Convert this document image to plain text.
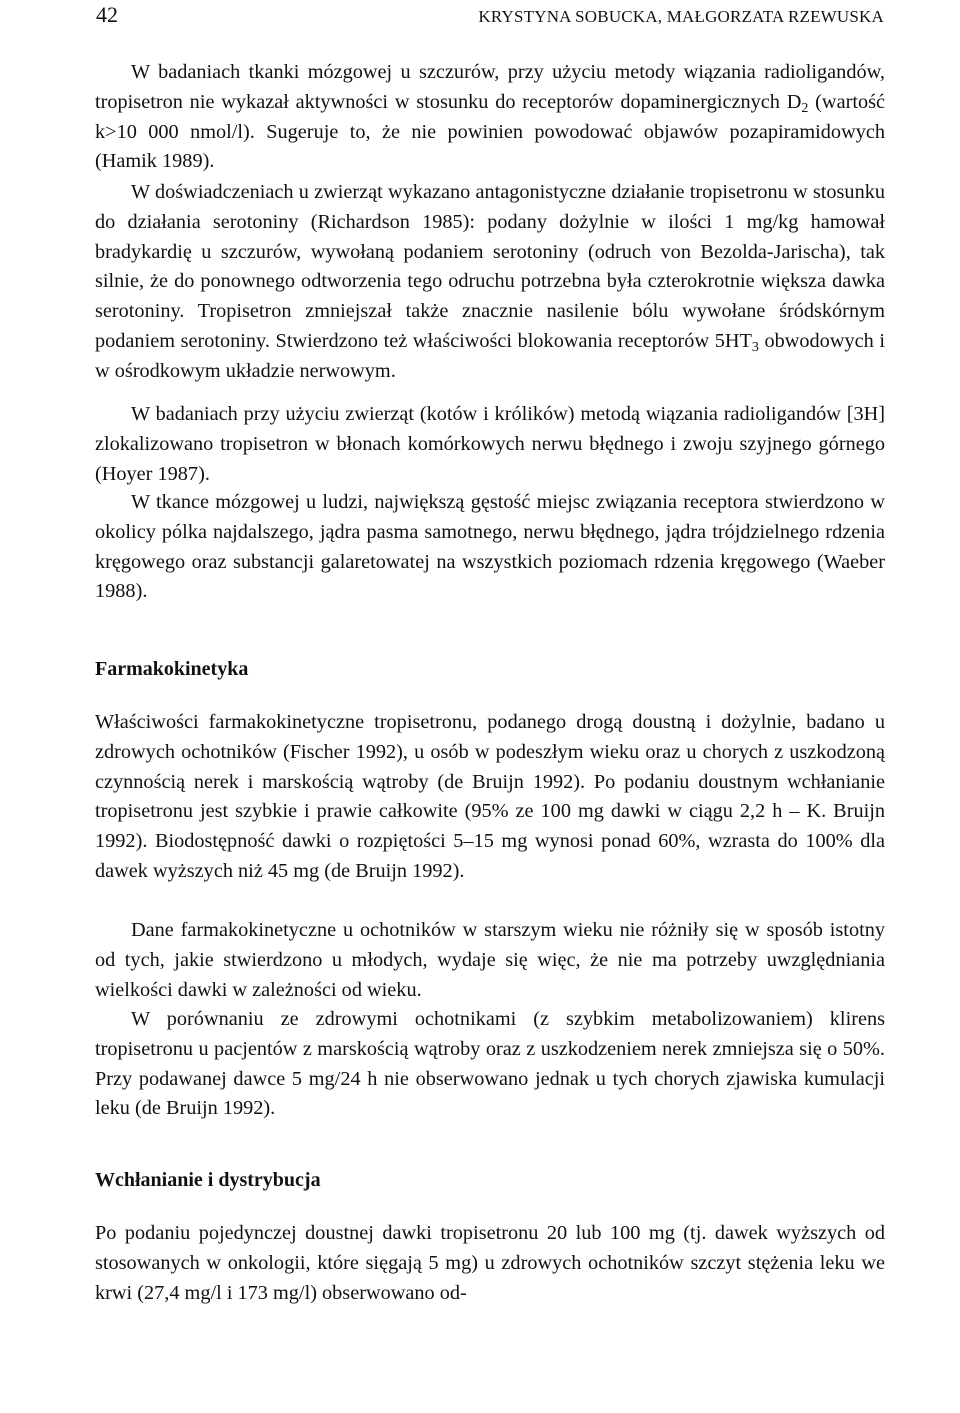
42	KRYSTYNA SOBUCKA, MAŁGORZATA RZEWUSKA

W badaniach tkanki mózgowej u szczurów, przy użyciu metody wiązania radioligandów, tropisetron nie wykazał aktywności w stosunku do receptorów dopaminergicznych $D_2$ (wartość k>10 000 nmol/l). Sugeruje to, że nie powinien powodować objawów pozapiramidowych (Hamik 1989).

W doświadczeniach u zwierząt wykazano antagonistyczne działanie tropisetronu w stosunku do działania serotoniny (Richardson 1985): podany dożylnie w ilości 1 mg/kg hamował bradykardię u szczurów, wywołaną podaniem serotoniny (odruch von Bezolda-Jarischa), tak silnie, że do ponownego odtworzenia tego odruchu potrzebna była czterokrotnie większa dawka serotoniny. Tropisetron zmniejszał także znacznie nasilenie bólu wywołane śródskórnym podaniem serotoniny. Stwierdzono też właściwości blokowania receptorów $5HT_3$ obwodowych i w ośrodkowym układzie nerwowym.

W badaniach przy użyciu zwierząt (kotów i królików) metodą wiązania radioligandów [3H] zlokalizowano tropisetron w błonach komórkowych nerwu błędnego i zwoju szyjnego górnego (Hoyer 1987).

W tkance mózgowej u ludzi, największą gęstość miejsc związania receptora stwierdzono w okolicy pólka najdalszego, jądra pasma samotnego, nerwu błędnego, jądra trójdzielnego rdzenia kręgowego oraz substancji galaretowatej na wszystkich poziomach rdzenia kręgowego (Waeber 1988).

Farmakokinetyka

Właściwości farmakokinetyczne tropisetronu, podanego drogą doustną i dożylnie, badano u zdrowych ochotników (Fischer 1992), u osób w podeszłym wieku oraz u chorych z uszkodzoną czynnością nerek i marskością wątroby (de Bruijn 1992). Po podaniu doustnym wchłanianie tropisetronu jest szybkie i prawie całkowite (95% ze 100 mg dawki w ciągu 2,2 h – K. Bruijn 1992). Biodostępność dawki o rozpiętości 5–15 mg wynosi ponad 60%, wzrasta do 100% dla dawek wyższych niż 45 mg (de Bruijn 1992).

Dane farmakokinetyczne u ochotników w starszym wieku nie różniły się w sposób istotny od tych, jakie stwierdzono u młodych, wydaje się więc, że nie ma potrzeby uwzględniania wielkości dawki w zależności od wieku.

W porównaniu ze zdrowymi ochotnikami (z szybkim metabolizowaniem) klirens tropisetronu u pacjentów z marskością wątroby oraz z uszkodzeniem nerek zmniejsza się o 50%. Przy podawanej dawce 5 mg/24 h nie obserwowano jednak u tych chorych zjawiska kumulacji leku (de Bruijn 1992).

Wchłanianie i dystrybucja

Po podaniu pojedynczej doustnej dawki tropisetronu 20 lub 100 mg (tj. dawek wyższych od stosowanych w onkologii, które sięgają 5 mg) u zdrowych ochotników szczyt stężenia leku we krwi (27,4 mg/l i 173 mg/l) obserwowano od-
